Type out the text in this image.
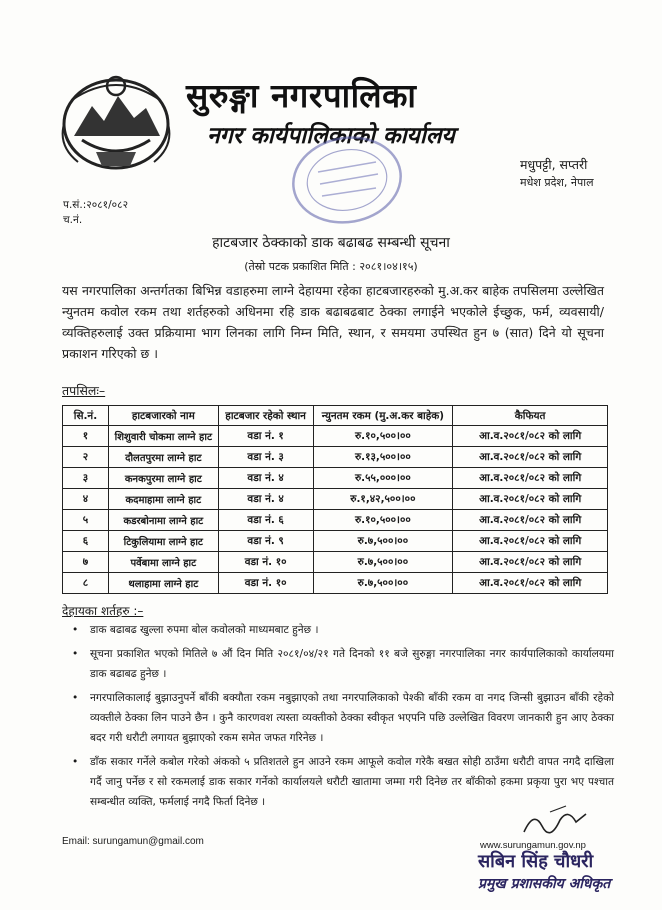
सुरुङ्गा नगरपालिका
नगर कार्यपालिकाको कार्यालय
मधुपट्टी, सप्तरी
मधेश प्रदेश, नेपाल
प.सं.:२०८१/०८२
च.नं.
हाटबजार ठेक्काको डाक बढाबढ सम्बन्धी सूचना
(तेस्रो पटक प्रकाशित मिति : २०८१।०४।१५)
यस नगरपालिका अन्तर्गतका बिभिन्न वडाहरुमा लाग्ने देहायमा रहेका हाटबजारहरुको मु.अ.कर बाहेक तपसिलमा उल्लेखित न्युनतम कवोल रकम तथा शर्तहरुको अधिनमा रहि डाक बढाबढबाट ठेक्का लगाईने भएकोले ईच्छुक, फर्म, व्यवसायी/व्यक्तिहरुलाई उक्त प्रक्रियामा भाग लिनका लागि निम्न मिति, स्थान, र समयमा उपस्थित हुन ७ (सात) दिने यो सूचना प्रकाशन गरिएको छ ।
तपसिलः–
सि.नं.	हाटबजारको नाम	हाटबजार रहेको स्थान	न्युनतम रकम (मु.अ.कर बाहेक)	कैफियत
१	शिशुवारी चोकमा लाग्ने हाट	वडा नं. १	रु.१०,५००।००	आ.व.२०८१/०८२ को लागि
२	दौलतपुरमा लाग्ने हाट	वडा नं. ३	रु.१३,५००।००	आ.व.२०८१/०८२ को लागि
३	कनकपुरमा लाग्ने हाट	वडा नं. ४	रु.५५,०००।००	आ.व.२०८१/०८२ को लागि
४	कदमाहामा लाग्ने हाट	वडा नं. ४	रु.१,४२,५००।००	आ.व.२०८१/०८२ को लागि
५	कडरबोनामा लाग्ने हाट	वडा नं. ६	रु.१०,५००।००	आ.व.२०८१/०८२ को लागि
६	टिकुलियामा लाग्ने हाट	वडा नं. ९	रु.७,५००।००	आ.व.२०८१/०८२ को लागि
७	पर्वेबामा लाग्ने हाट	वडा नं. १०	रु.७,५००।००	आ.व.२०८१/०८२ को लागि
८	थलाहामा लाग्ने हाट	वडा नं. १०	रु.७,५००।००	आ.व.२०८१/०८२ को लागि
देहायका शर्तहरु :–
• डाक बढाबढ खुल्ला रुपमा बोल कवोलको माध्यमबाट हुनेछ ।
• सूचना प्रकाशित भएको मितिले ७ औं दिन मिति २०८१/०४/२१ गते दिनको ११ बजे सुरुङ्गा नगरपालिका नगर कार्यपालिकाको कार्यालयमा डाक बढाबढ हुनेछ ।
• नगरपालिकालाई बुझाउनुपर्ने बाँकी बक्यौता रकम नबुझाएको तथा नगरपालिकाको पेश्की बाँकी रकम वा नगद जिन्सी बुझाउन बाँकी रहेको व्यक्तीले ठेक्का लिन पाउने छैन । कुनै कारणवश त्यस्ता व्यक्तीको ठेक्का स्वीकृत भएपनि पछि उल्लेखित विवरण जानकारी हुन आए ठेक्का बदर गरी धरौटी लगायत बुझाएको रकम समेत जफत गरिनेछ ।
• डाँक सकार गर्नेले कबोल गरेको अंकको ५ प्रतिशतले हुन आउने रकम आफूले कवोल गरेकै बखत सोही ठाउँमा धरौटी वापत नगदै दाखिला गर्दै जानु पर्नेछ र सो रकमलाई डाक सकार गर्नेको कार्यालयले धरौटी खातामा जम्मा गरी दिनेछ तर बाँकीको हकमा प्रकृया पुरा भए पश्चात सम्बन्धीत व्यक्ति, फर्मलाई नगदै फिर्ता दिनेछ ।
Email: surungamun@gmail.com	www.surungamun.gov.np
सबिन सिंह चौधरी
प्रमुख प्रशासकीय अधिकृत
